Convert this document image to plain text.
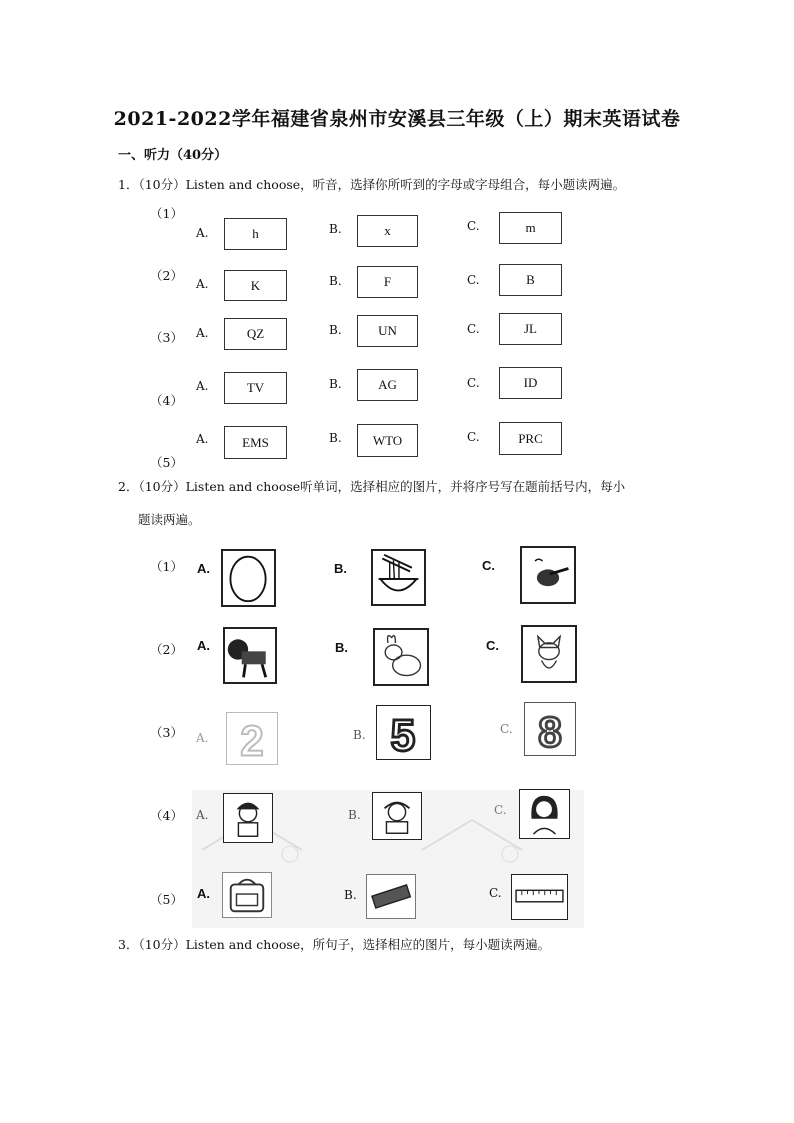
2021-2022学年福建省泉州市安溪县三年级（上）期末英语试卷
一、听力（40分）
1．（10分）Listen and choose，听音，选择你所听到的字母或字母组合，每小题读两遍。
（1）
A.	h	B.	x	C.	m
（2）
A.	K	B.	F	C.	B
（3） A.	QZ	B.	UN	C.	JL
（4）
A.	TV	B.	AG	C.	ID
（5）
A.	EMS	B.	WTO	C.	PRC
2．（10分）Listen and choose听单词，选择相应的图片，并将序号写在题前括号内，每小
题读两遍。
（1） A.	B.	C.
（2） A.	B.	C.
（3） A. 2	B. 5	C. 8
（4） A.	B.	C.
（5） A.	B.	C.
3．（10分）Listen and choose，所句子，选择相应的图片，每小题读两遍。
